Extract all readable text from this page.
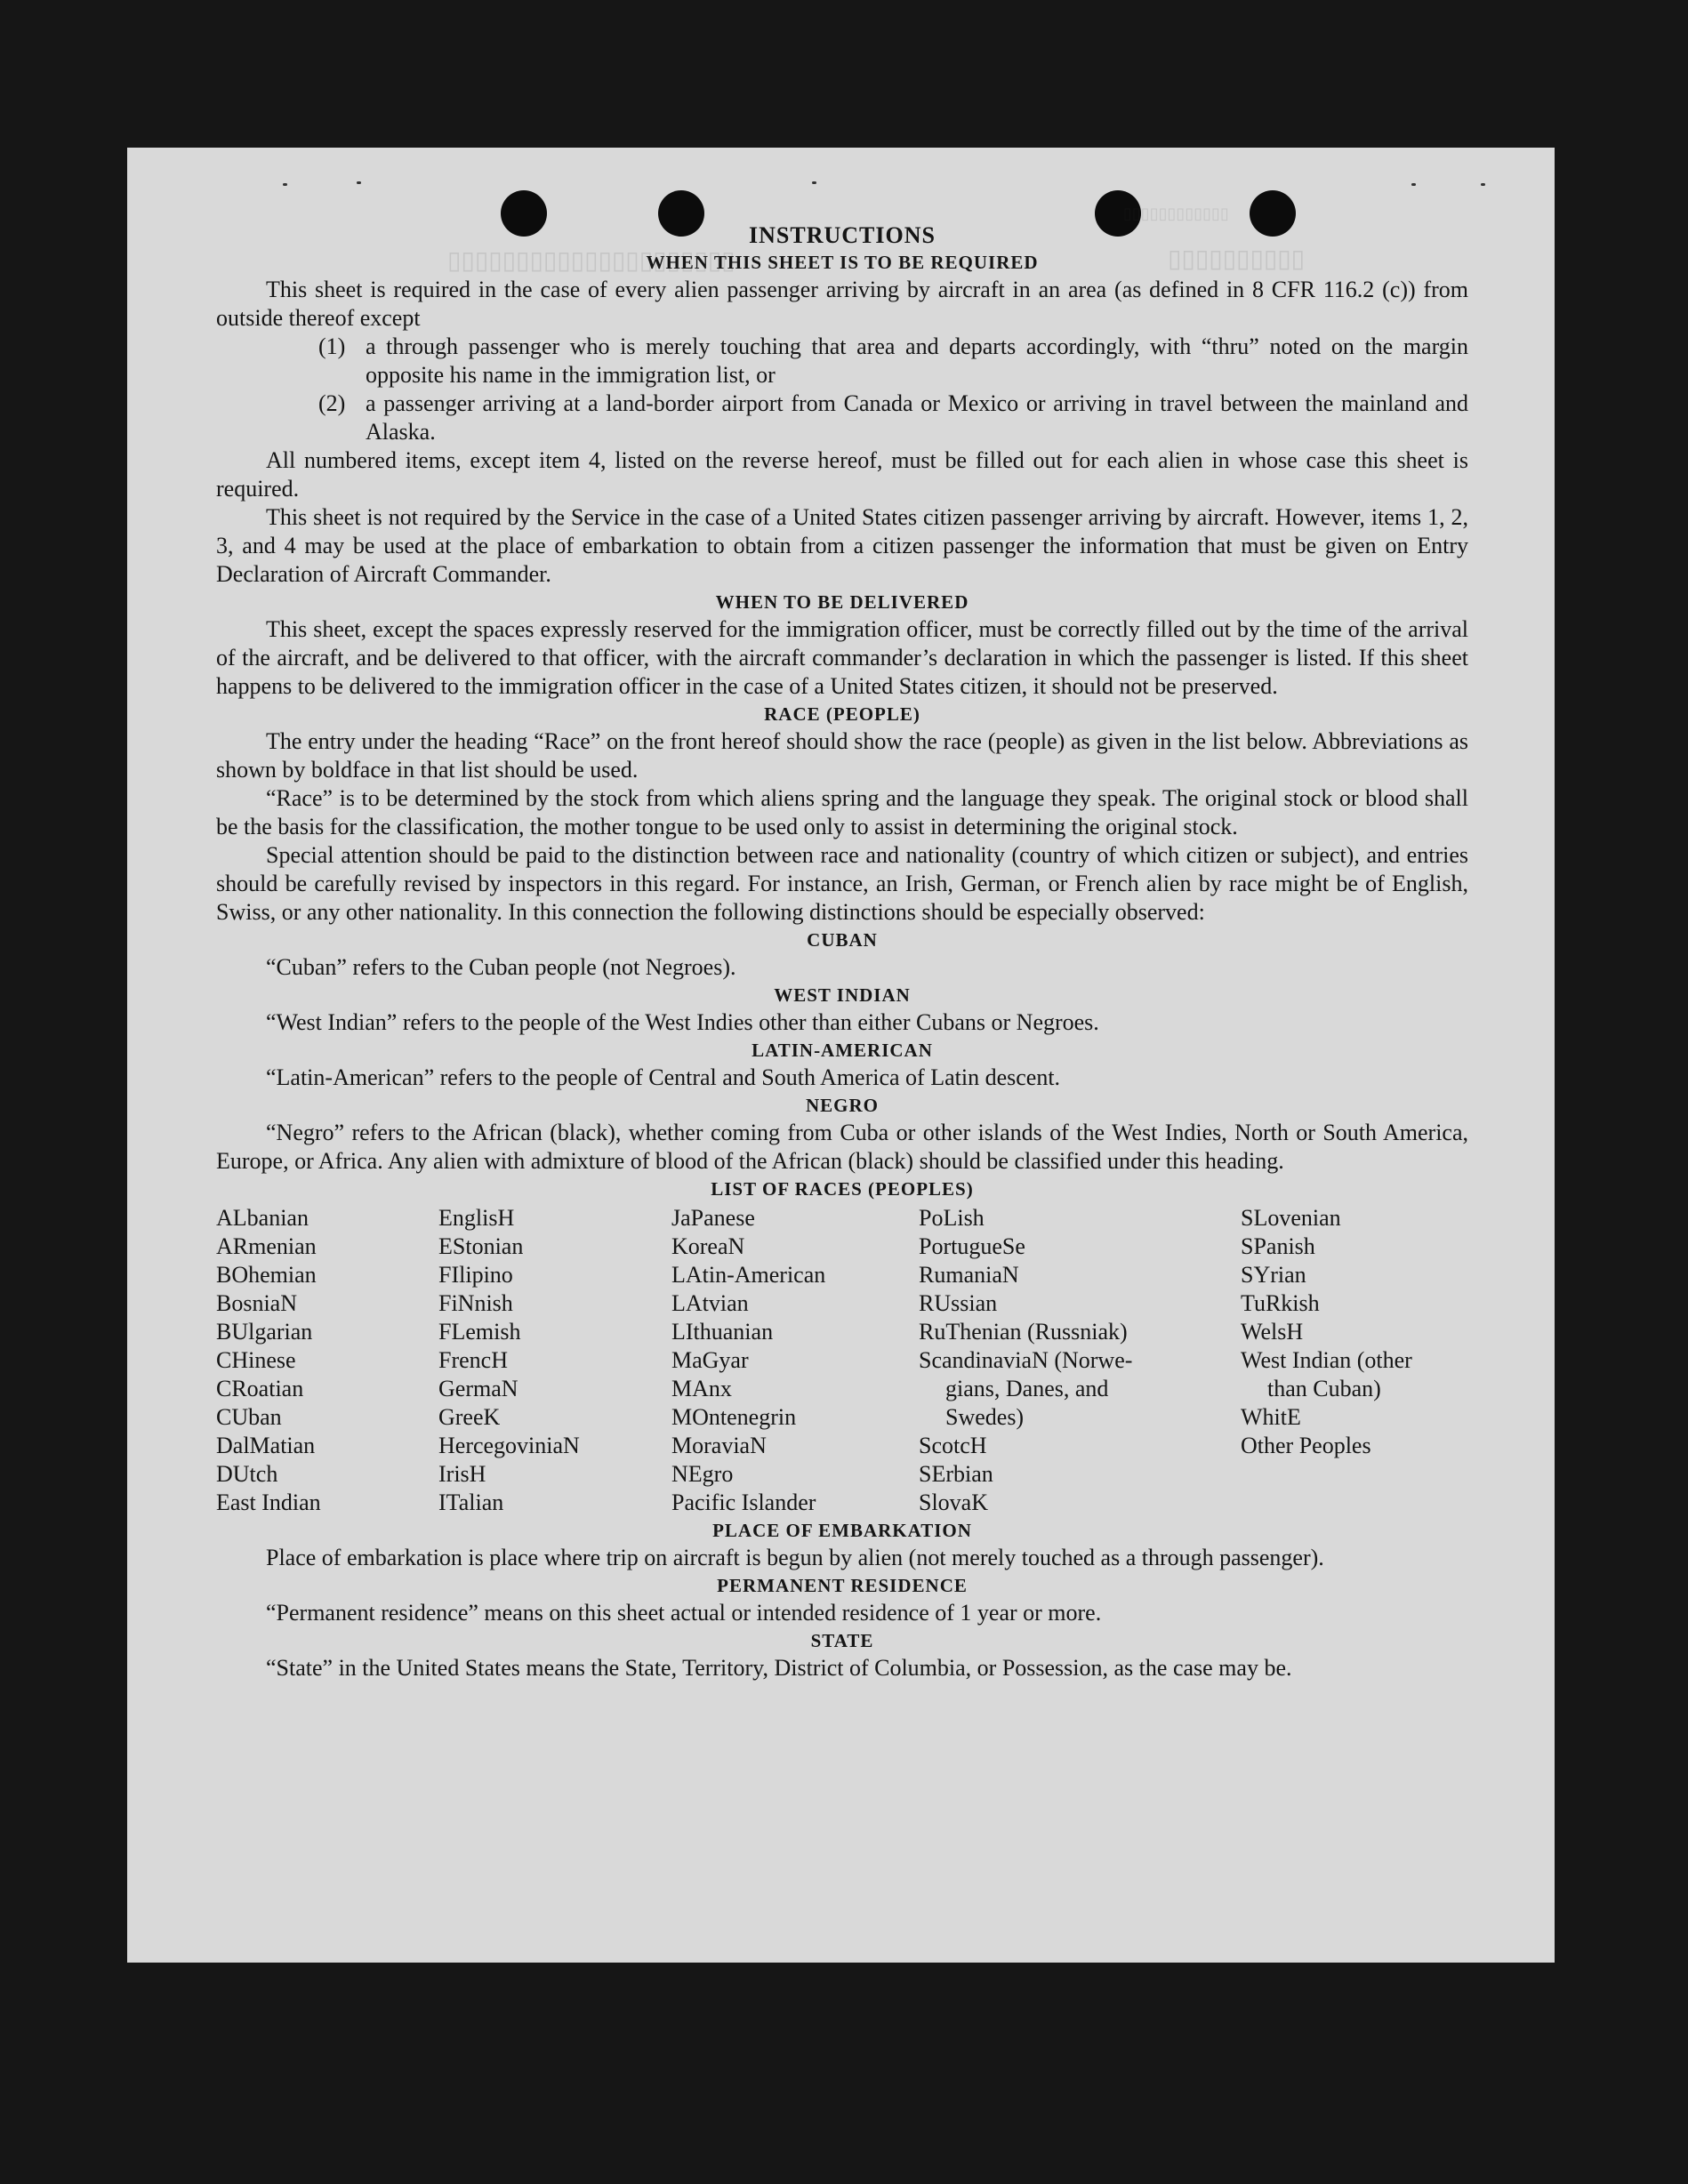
▯▯▯▯▯▯▯▯▯▯▯▯▯▯▯▯▯▯▯▯▯
▯▯▯▯▯▯▯▯▯▯▯▯
▯▯▯▯▯▯▯▯▯▯
INSTRUCTIONS
WHEN THIS SHEET IS TO BE REQUIRED

This sheet is required in the case of every alien passenger arriving by aircraft in an area (as defined in 8 CFR 116.2 (c)) from outside thereof except

(1) a through passenger who is merely touching that area and departs accordingly, with “thru” noted on the margin opposite his name in the immigration list, or
(2) a passenger arriving at a land-border airport from Canada or Mexico or arriving in travel between the mainland and Alaska.

All numbered items, except item 4, listed on the reverse hereof, must be filled out for each alien in whose case this sheet is required.

This sheet is not required by the Service in the case of a United States citizen passenger arriving by aircraft. However, items 1, 2, 3, and 4 may be used at the place of embarkation to obtain from a citizen passenger the information that must be given on Entry Declaration of Aircraft Commander.

WHEN TO BE DELIVERED

This sheet, except the spaces expressly reserved for the immigration officer, must be correctly filled out by the time of the arrival of the aircraft, and be delivered to that officer, with the aircraft commander’s declaration in which the passenger is listed. If this sheet happens to be delivered to the immigration officer in the case of a United States citizen, it should not be preserved.

RACE (PEOPLE)

The entry under the heading “Race” on the front hereof should show the race (people) as given in the list below. Abbreviations as shown by boldface in that list should be used.

“Race” is to be determined by the stock from which aliens spring and the language they speak. The original stock or blood shall be the basis for the classification, the mother tongue to be used only to assist in determining the original stock.

Special attention should be paid to the distinction between race and nationality (country of which citizen or subject), and entries should be carefully revised by inspectors in this regard. For instance, an Irish, German, or French alien by race might be of English, Swiss, or any other nationality. In this connection the following distinctions should be especially observed:

CUBAN

“Cuban” refers to the Cuban people (not Negroes).

WEST INDIAN

“West Indian” refers to the people of the West Indies other than either Cubans or Negroes.

LATIN-AMERICAN

“Latin-American” refers to the people of Central and South America of Latin descent.

NEGRO

“Negro” refers to the African (black), whether coming from Cuba or other islands of the West Indies, North or South America, Europe, or Africa. Any alien with admixture of blood of the African (black) should be classified under this heading.

LIST OF RACES (PEOPLES)
ALbanian
ARmenian
BOhemian
BosniaN
BUlgarian
CHinese
CRoatian
CUban
DalMatian
DUtch
East Indian
EnglisH
EStonian
FIlipino
FiNnish
FLemish
FrencH
GermaN
GreeK
HercegoviniaN
IrisH
ITalian
JaPanese
KoreaN
LAtin-American
LAtvian
LIthuanian
MaGyar
MAnx
MOntenegrin
MoraviaN
NEgro
Pacific Islander
PoLish
PortugueSe
RumaniaN
RUssian
RuThenian (Russniak)
ScandinaviaN (Norwe-
gians, Danes, and
Swedes)
ScotcH
SErbian
SlovaK
SLovenian
SPanish
SYrian
TuRkish
WelsH
West Indian (other
than Cuban)
WhitE
Other Peoples
PLACE OF EMBARKATION

Place of embarkation is place where trip on aircraft is begun by alien (not merely touched as a through passenger).

PERMANENT RESIDENCE

“Permanent residence” means on this sheet actual or intended residence of 1 year or more.

STATE

“State” in the United States means the State, Territory, District of Columbia, or Possession, as the case may be.
